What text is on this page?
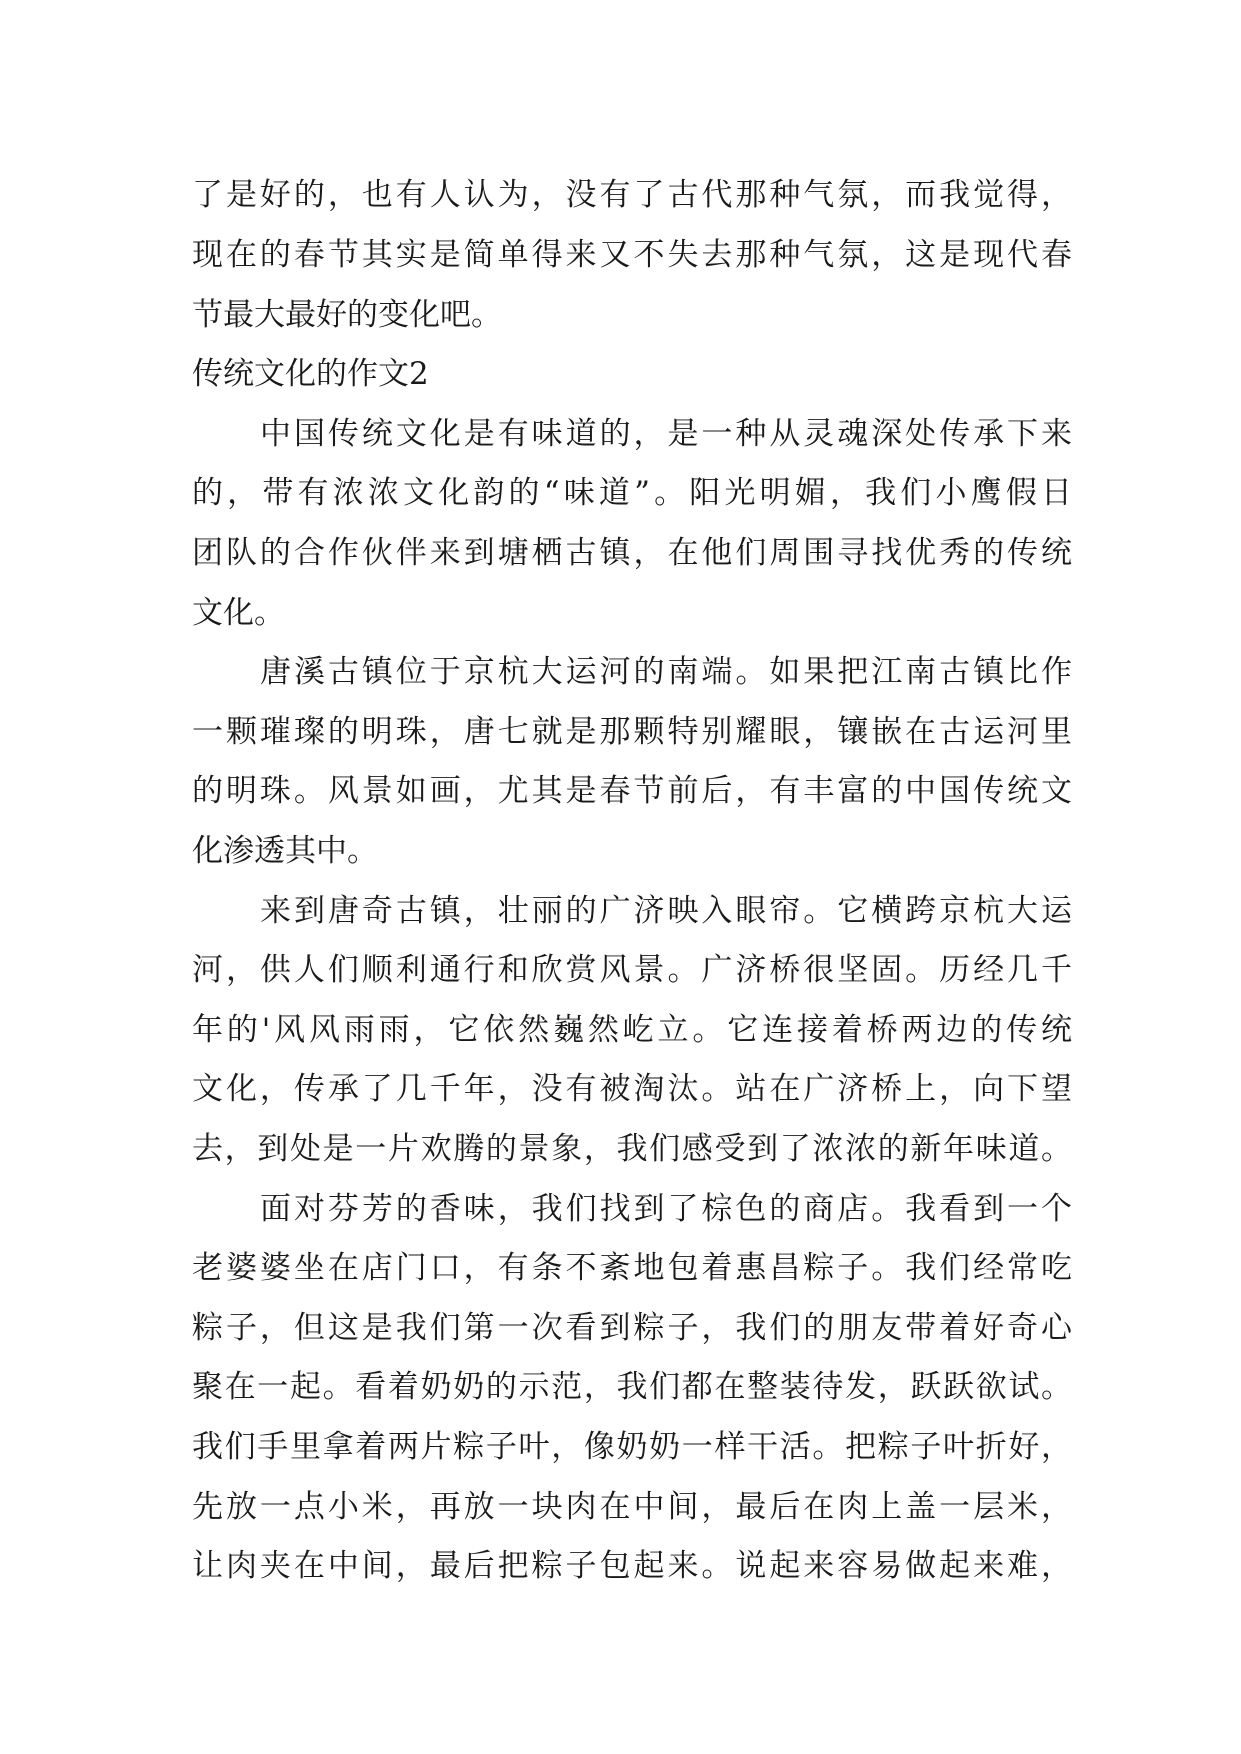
了是好的，也有人认为，没有了古代那种气氛，而我觉得，
现在的春节其实是简单得来又不失去那种气氛，这是现代春
节最大最好的变化吧。
传统文化的作文2
中国传统文化是有味道的，是一种从灵魂深处传承下来
的，带有浓浓文化韵的“味道”。阳光明媚，我们小鹰假日
团队的合作伙伴来到塘栖古镇，在他们周围寻找优秀的传统
文化。
唐溪古镇位于京杭大运河的南端。如果把江南古镇比作
一颗璀璨的明珠，唐七就是那颗特别耀眼，镶嵌在古运河里
的明珠。风景如画，尤其是春节前后，有丰富的中国传统文
化渗透其中。
来到唐奇古镇，壮丽的广济映入眼帘。它横跨京杭大运
河，供人们顺利通行和欣赏风景。广济桥很坚固。历经几千
年的'风风雨雨，它依然巍然屹立。它连接着桥两边的传统
文化，传承了几千年，没有被淘汰。站在广济桥上，向下望
去，到处是一片欢腾的景象，我们感受到了浓浓的新年味道。
面对芬芳的香味，我们找到了棕色的商店。我看到一个
老婆婆坐在店门口，有条不紊地包着惠昌粽子。我们经常吃
粽子，但这是我们第一次看到粽子，我们的朋友带着好奇心
聚在一起。看着奶奶的示范，我们都在整装待发，跃跃欲试。
我们手里拿着两片粽子叶，像奶奶一样干活。把粽子叶折好，
先放一点小米，再放一块肉在中间，最后在肉上盖一层米，
让肉夹在中间，最后把粽子包起来。说起来容易做起来难，
